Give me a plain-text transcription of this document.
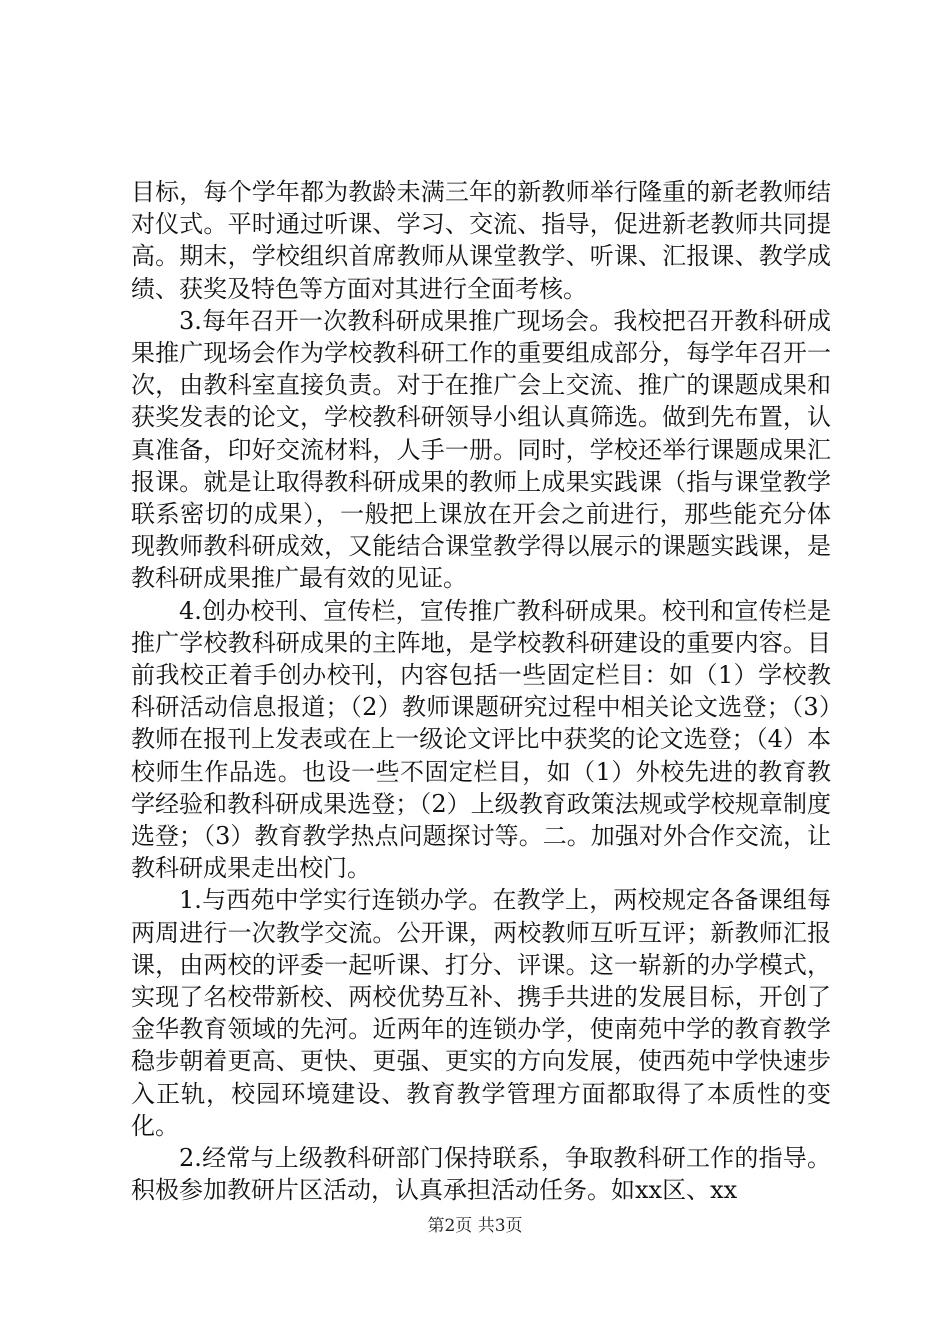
目标，每个学年都为教龄未满三年的新教师举行隆重的新老教师结对仪式。平时通过听课、学习、交流、指导，促进新老教师共同提高。期末，学校组织首席教师从课堂教学、听课、汇报课、教学成绩、获奖及特色等方面对其进行全面考核。

3.每年召开一次教科研成果推广现场会。我校把召开教科研成果推广现场会作为学校教科研工作的重要组成部分，每学年召开一次，由教科室直接负责。对于在推广会上交流、推广的课题成果和获奖发表的论文，学校教科研领导小组认真筛选。做到先布置，认真准备，印好交流材料，人手一册。同时，学校还举行课题成果汇报课。就是让取得教科研成果的教师上成果实践课（指与课堂教学联系密切的成果），一般把上课放在开会之前进行，那些能充分体现教师教科研成效，又能结合课堂教学得以展示的课题实践课，是教科研成果推广最有效的见证。

4.创办校刊、宣传栏，宣传推广教科研成果。校刊和宣传栏是推广学校教科研成果的主阵地，是学校教科研建设的重要内容。目前我校正着手创办校刊，内容包括一些固定栏目：如（1）学校教科研活动信息报道；（2）教师课题研究过程中相关论文选登；（3）教师在报刊上发表或在上一级论文评比中获奖的论文选登；（4）本校师生作品选。也设一些不固定栏目，如（1）外校先进的教育教学经验和教科研成果选登；（2）上级教育政策法规或学校规章制度选登；（3）教育教学热点问题探讨等。二。加强对外合作交流，让教科研成果走出校门。

1.与西苑中学实行连锁办学。在教学上，两校规定各备课组每两周进行一次教学交流。公开课，两校教师互听互评；新教师汇报课，由两校的评委一起听课、打分、评课。这一崭新的办学模式，实现了名校带新校、两校优势互补、携手共进的发展目标，开创了金华教育领域的先河。近两年的连锁办学，使南苑中学的教育教学稳步朝着更高、更快、更强、更实的方向发展，使西苑中学快速步入正轨，校园环境建设、教育教学管理方面都取得了本质性的变化。

2.经常与上级教科研部门保持联系，争取教科研工作的指导。积极参加教研片区活动，认真承担活动任务。如xx区、xx

第2页 共3页
